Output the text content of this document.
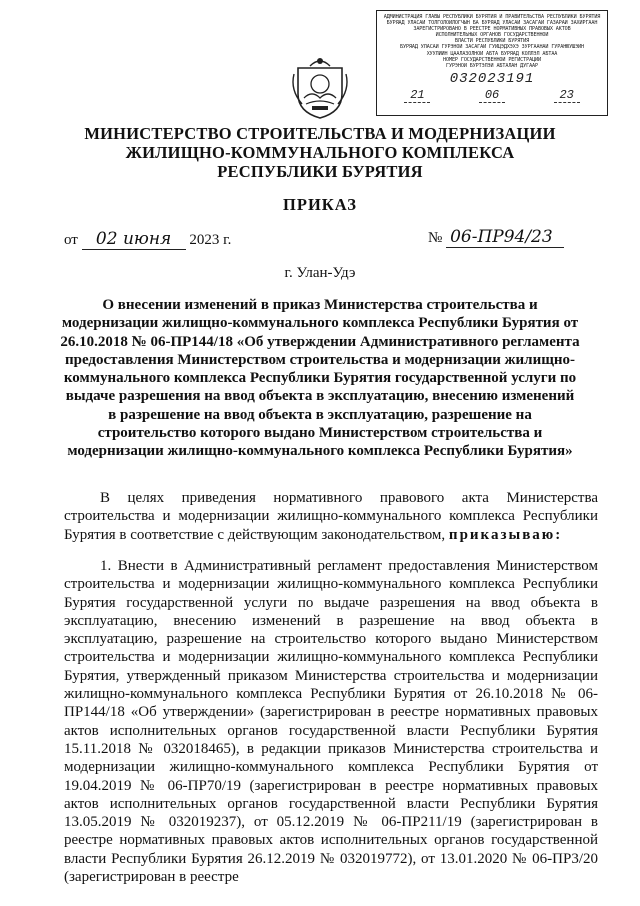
АДМИНИСТРАЦИЯ ГЛАВЫ РЕСПУБЛИКИ БУРЯТИЯ И ПРАВИТЕЛЬСТВА РЕСПУБЛИКИ БУРЯТИЯ
БУРЯАД УЛАСАЙ ТОЛГОЛОЙЛОГЧЫН БА БУРЯАД УЛАСАЙ ЗАСАГАЙ ГАЗАРАЙ ЗАХИРГААН
ЗАРЕГИСТРИРОВАНО В РЕЕСТРЕ НОРМАТИВНЫХ ПРАВОВЫХ АКТОВ
ИСПОЛНИТЕЛЬНЫХ ОРГАНОВ ГОСУДАРСТВЕННОЙ
ВЛАСТИ РЕСПУБЛИКИ БУРЯТИЯ
БУРЯАД УЛАСАЙ ГУРЭНОЙ ЗАСАГАЙ ГУЙЦЭДХЭХЭ ЗУРГААНАЙ ГУРАНЮУШЭЙН
ХУУЛИИН ЦААЛАЗОЛНОЙ АБТА БУРЯАД КОЛЛЭЛ АБТАА
НОМЕР ГОСУДАРСТВЕННОЙ РЕГИСТРАЦИИ
ГУРЭНОЙ БУРТЭЛЭЙ АБТАЛАН ДУГААР
032023191
21	06	23
МИНИСТЕРСТВО СТРОИТЕЛЬСТВА И МОДЕРНИЗАЦИИ ЖИЛИЩНО-КОММУНАЛЬНОГО КОМПЛЕКСА РЕСПУБЛИКИ БУРЯТИЯ
ПРИКАЗ
от 02 июня 2023 г.	№ 06-ПР94/23
г. Улан-Удэ
О внесении изменений в приказ Министерства строительства и модернизации жилищно-коммунального комплекса Республики Бурятия от 26.10.2018 № 06-ПР144/18 «Об утверждении Административного регламента предоставления Министерством строительства и модернизации жилищно-коммунального комплекса Республики Бурятия государственной услуги по выдаче разрешения на ввод объекта в эксплуатацию, внесению изменений в разрешение на ввод объекта в эксплуатацию, разрешение на строительство которого выдано Министерством строительства и модернизации жилищно-коммунального комплекса Республики Бурятия»

В целях приведения нормативного правового акта Министерства строительства и модернизации жилищно-коммунального комплекса Республики Бурятия в соответствие с действующим законодательством, приказываю:

1. Внести в Административный регламент предоставления Министерством строительства и модернизации жилищно-коммунального комплекса Республики Бурятия государственной услуги по выдаче разрешения на ввод объекта в эксплуатацию, внесению изменений в разрешение на ввод объекта в эксплуатацию, разрешение на строительство которого выдано Министерством строительства и модернизации жилищно-коммунального комплекса Республики Бурятия, утвержденный приказом Министерства строительства и модернизации жилищно-коммунального комплекса Республики Бурятия от 26.10.2018 № 06-ПР144/18 «Об утверждении» (зарегистрирован в реестре нормативных правовых актов исполнительных органов государственной власти Республики Бурятия 15.11.2018 № 032018465), в редакции приказов Министерства строительства и модернизации жилищно-коммунального комплекса Республики Бурятия от 19.04.2019 № 06-ПР70/19 (зарегистрирован в реестре нормативных правовых актов исполнительных органов государственной власти Республики Бурятия 13.05.2019 № 032019237), от 05.12.2019 № 06-ПР211/19 (зарегистрирован в реестре нормативных правовых актов исполнительных органов государственной власти Республики Бурятия 26.12.2019 № 032019772), от 13.01.2020 № 06-ПР3/20 (зарегистрирован в реестре
